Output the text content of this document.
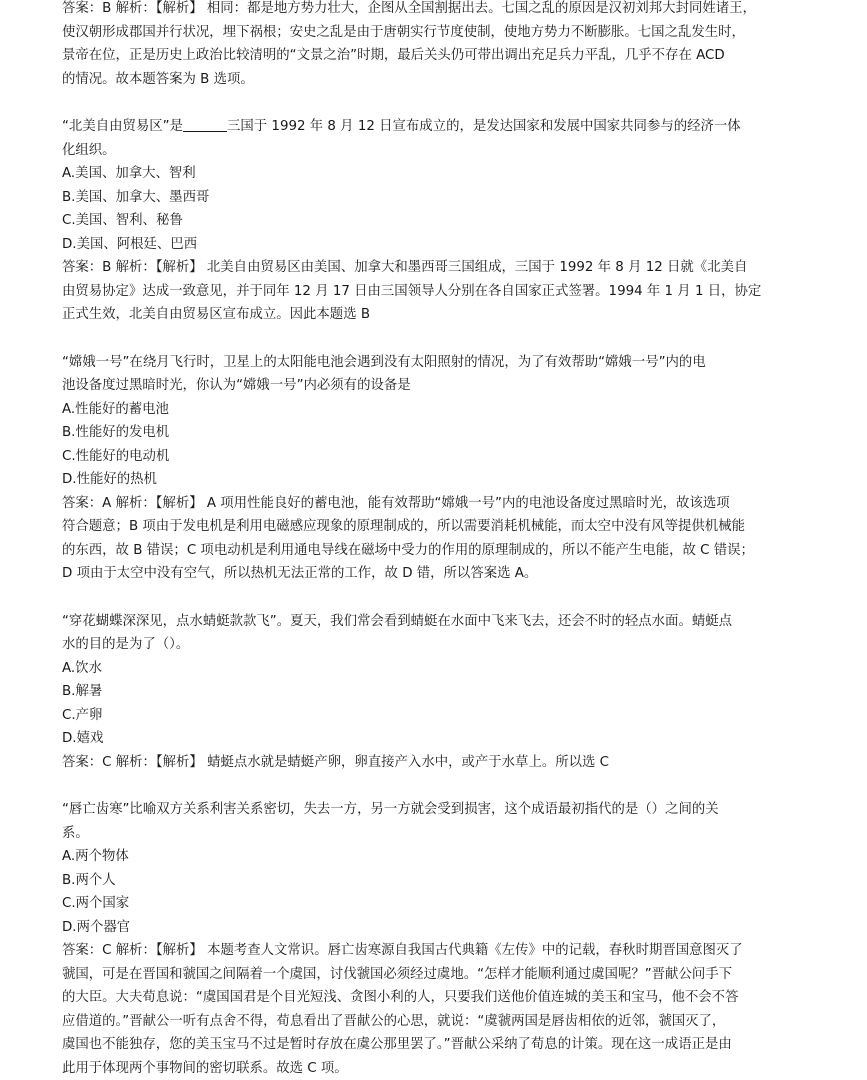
答案：B 解析：【解析】 相同：都是地方势力壮大，企图从全国割据出去。七国之乱的原因是汉初刘邦大封同姓诸王，
使汉朝形成郡国并行状况，埋下祸根；安史之乱是由于唐朝实行节度使制，使地方势力不断膨胀。七国之乱发生时，
景帝在位，正是历史上政治比较清明的“文景之治”时期，最后关头仍可带出调出充足兵力平乱，几乎不存在 ACD
的情况。故本题答案为 B 选项。
“北美自由贸易区”是	三国于 1992 年 8 月 12 日宣布成立的，是发达国家和发展中国家共同参与的经济一体
化组织。
A.美国、加拿大、智利
B.美国、加拿大、墨西哥
C.美国、智利、秘鲁
D.美国、阿根廷、巴西
答案：B 解析：【解析】 北美自由贸易区由美国、加拿大和墨西哥三国组成，三国于 1992 年 8 月 12 日就《北美自
由贸易协定》达成一致意见，并于同年 12 月 17 日由三国领导人分别在各自国家正式签署。1994 年 1 月 1 日，协定
正式生效，北美自由贸易区宣布成立。因此本题选 B
“嫦娥一号”在绕月飞行时，卫星上的太阳能电池会遇到没有太阳照射的情况，为了有效帮助“嫦娥一号”内的电
池设备度过黑暗时光，你认为“嫦娥一号”内必须有的设备是
A.性能好的蓄电池
B.性能好的发电机
C.性能好的电动机
D.性能好的热机
答案：A 解析：【解析】 A 项用性能良好的蓄电池，能有效帮助“嫦娥一号”内的电池设备度过黑暗时光，故该选项
符合题意；B 项由于发电机是利用电磁感应现象的原理制成的，所以需要消耗机械能，而太空中没有风等提供机械能
的东西，故 B 错误；C 项电动机是利用通电导线在磁场中受力的作用的原理制成的，所以不能产生电能，故 C 错误；
D 项由于太空中没有空气，所以热机无法正常的工作，故 D 错，所以答案选 A。
“穿花蝴蝶深深见，点水蜻蜓款款飞”。夏天，我们常会看到蜻蜓在水面中飞来飞去，还会不时的轻点水面。蜻蜓点
水的目的是为了（）。
A.饮水
B.解暑
C.产卵
D.嬉戏
答案：C 解析：【解析】 蜻蜓点水就是蜻蜓产卵，卵直接产入水中，或产于水草上。所以选 C
“唇亡齿寒”比喻双方关系利害关系密切，失去一方，另一方就会受到损害，这个成语最初指代的是（）之间的关
系。
A.两个物体
B.两个人
C.两个国家
D.两个器官
答案：C 解析：【解析】 本题考查人文常识。唇亡齿寒源自我国古代典籍《左传》中的记载，春秋时期晋国意图灭了
虢国，可是在晋国和虢国之间隔着一个虞国，讨伐虢国必须经过虞地。“怎样才能顺利通过虞国呢？”晋献公问手下
的大臣。大夫荀息说：“虞国国君是个目光短浅、贪图小利的人，只要我们送他价值连城的美玉和宝马，他不会不答
应借道的。”晋献公一听有点舍不得，荀息看出了晋献公的心思，就说：“虞虢两国是唇齿相依的近邻，虢国灭了，
虞国也不能独存，您的美玉宝马不过是暂时存放在虞公那里罢了。”晋献公采纳了荀息的计策。现在这一成语正是由
此用于体现两个事物间的密切联系。故选 C 项。
